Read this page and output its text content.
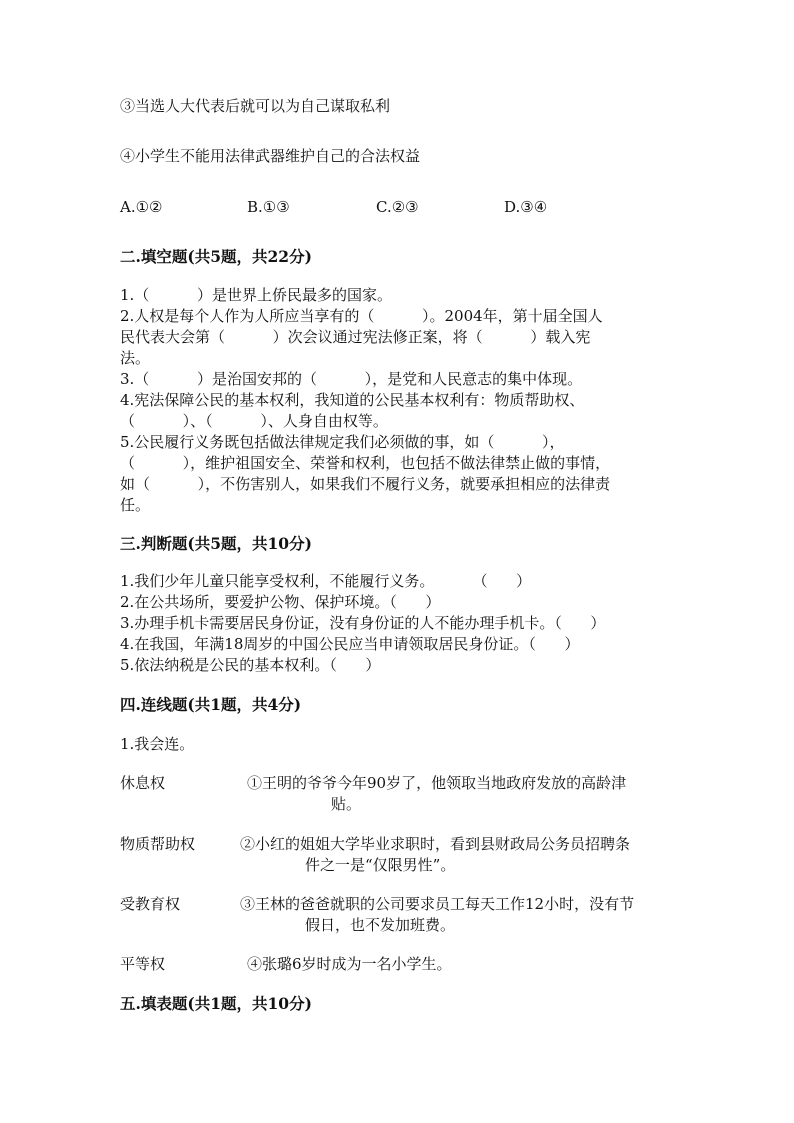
③当选人大代表后就可以为自己谋取私利
④小学生不能用法律武器维护自己的合法权益
A.①②	B.①③	C.②③	D.③④
二.填空题(共5题，共22分)
1.（          ）是世界上侨民最多的国家。
2.人权是每个人作为人所应当享有的（          ）。2004年，第十届全国人
民代表大会第（          ）次会议通过宪法修正案，将（          ）载入宪
法。
3.（          ）是治国安邦的（          ），是党和人民意志的集中体现。
4.宪法保障公民的基本权利，我知道的公民基本权利有：物质帮助权、
（          ）、（          ）、人身自由权等。
5.公民履行义务既包括做法律规定我们必须做的事，如（          ），
（          ），维护祖国安全、荣誉和权利，也包括不做法律禁止做的事情，
如（          ），不伤害别人，如果我们不履行义务，就要承担相应的法律责
任。
三.判断题(共5题，共10分)
1.我们少年儿童只能享受权利，不能履行义务。        （      ）
2.在公共场所，要爱护公物、保护环境。（      ）
3.办理手机卡需要居民身份证，没有身份证的人不能办理手机卡。（      ）
4.在我国，年满18周岁的中国公民应当申请领取居民身份证。（      ）
5.依法纳税是公民的基本权利。（      ）
四.连线题(共1题，共4分)
1.我会连。
休息权	①王明的爷爷今年90岁了，他领取当地政府发放的高龄津
贴。
物质帮助权	②小红的姐姐大学毕业求职时，看到县财政局公务员招聘条
件之一是“仅限男性”。
受教育权	③王林的爸爸就职的公司要求员工每天工作12小时，没有节
假日，也不发加班费。
平等权	④张璐6岁时成为一名小学生。
五.填表题(共1题，共10分)
